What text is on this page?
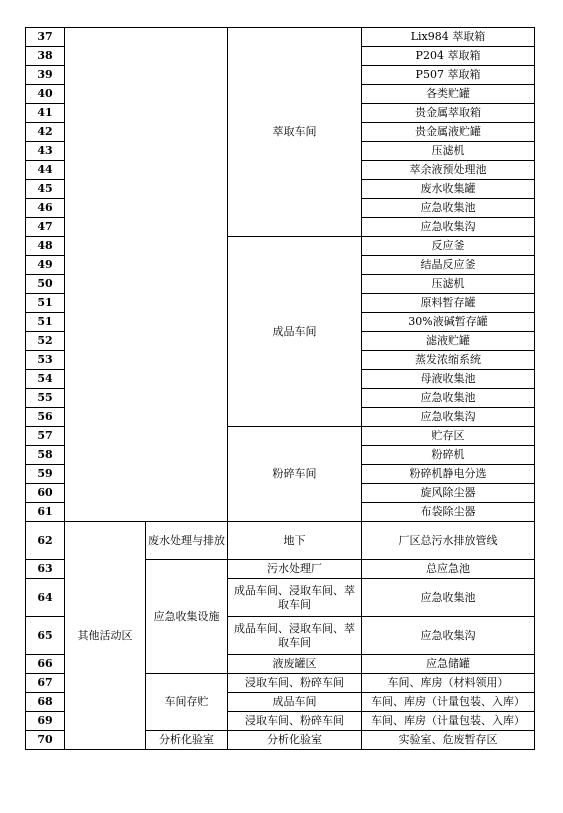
37			萃取车间	Lix984 萃取箱
38				P204 萃取箱
39				P507 萃取箱
40				各类贮罐
41				贵金属萃取箱
42				贵金属液贮罐
43				压滤机
44				萃余液预处理池
45				废水收集罐
46				应急收集池
47				应急收集沟
48			成品车间	反应釜
49				结晶反应釜
50				压滤机
51				原料暂存罐
51				30%液碱暂存罐
52				滤液贮罐
53				蒸发浓缩系统
54				母液收集池
55				应急收集池
56				应急收集沟
57			粉碎车间	贮存区
58				粉碎机
59				粉碎机静电分选
60				旋风除尘器
61				布袋除尘器
62	其他活动区	废水处理与排放	地下	厂区总污水排放管线
63		应急收集设施	污水处理厂	总应急池
64			成品车间、浸取车间、萃取车间	应急收集池
65			成品车间、浸取车间、萃取车间	应急收集沟
66			液废罐区	应急储罐
67		车间存贮	浸取车间、粉碎车间	车间、库房（材料领用）
68			成品车间	车间、库房（计量包装、入库）
69			浸取车间、粉碎车间	车间、库房（计量包装、入库）
70		分析化验室	分析化验室	实验室、危废暂存区
